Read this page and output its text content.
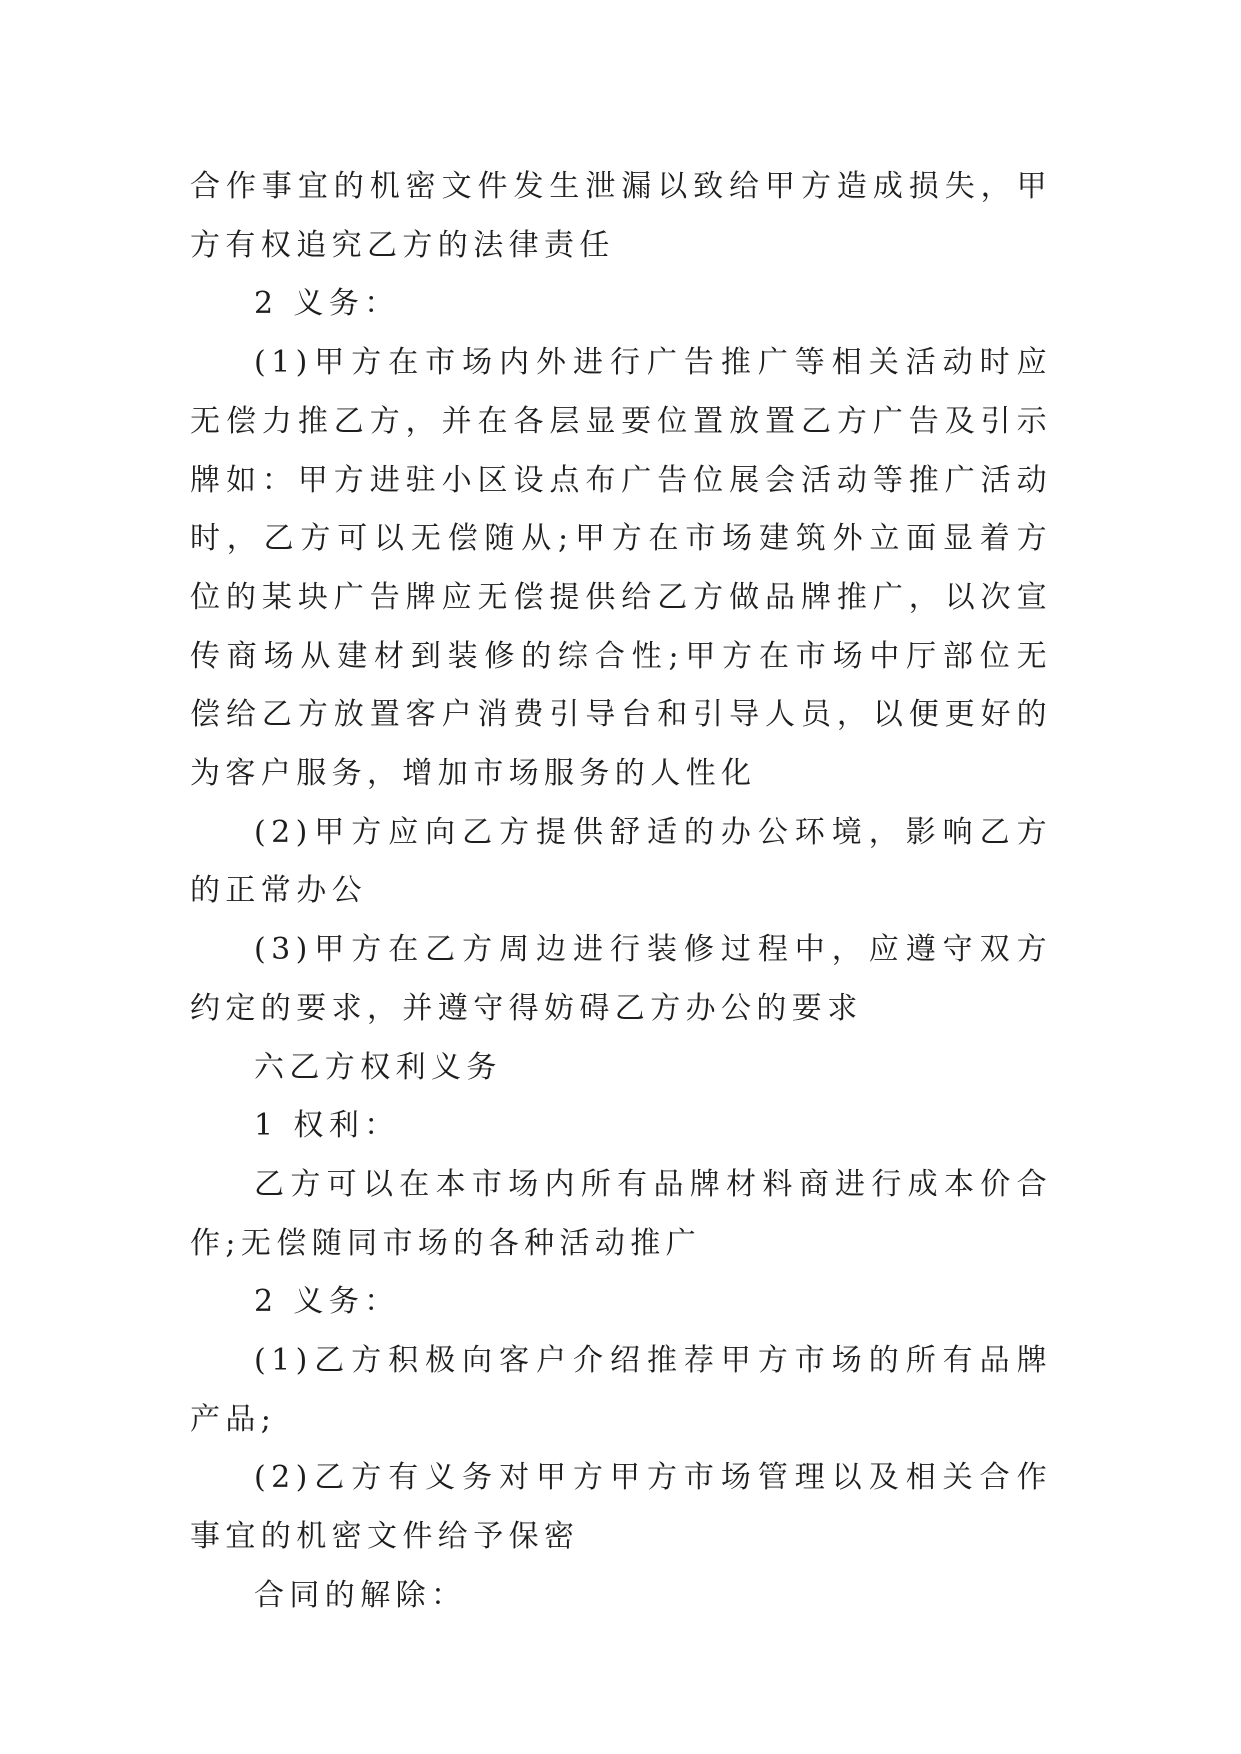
合作事宜的机密文件发生泄漏以致给甲方造成损失，甲方有权追究乙方的法律责任

2 义务：

(1)甲方在市场内外进行广告推广等相关活动时应无偿力推乙方，并在各层显要位置放置乙方广告及引示牌如：甲方进驻小区设点布广告位展会活动等推广活动时，乙方可以无偿随从;甲方在市场建筑外立面显着方位的某块广告牌应无偿提供给乙方做品牌推广，以次宣传商场从建材到装修的综合性;甲方在市场中厅部位无偿给乙方放置客户消费引导台和引导人员，以便更好的为客户服务，增加市场服务的人性化

(2)甲方应向乙方提供舒适的办公环境，影响乙方的正常办公

(3)甲方在乙方周边进行装修过程中，应遵守双方约定的要求，并遵守得妨碍乙方办公的要求

六乙方权利义务

1 权利：

乙方可以在本市场内所有品牌材料商进行成本价合作;无偿随同市场的各种活动推广

2 义务：

(1)乙方积极向客户介绍推荐甲方市场的所有品牌产品;

(2)乙方有义务对甲方甲方市场管理以及相关合作事宜的机密文件给予保密

合同的解除：
